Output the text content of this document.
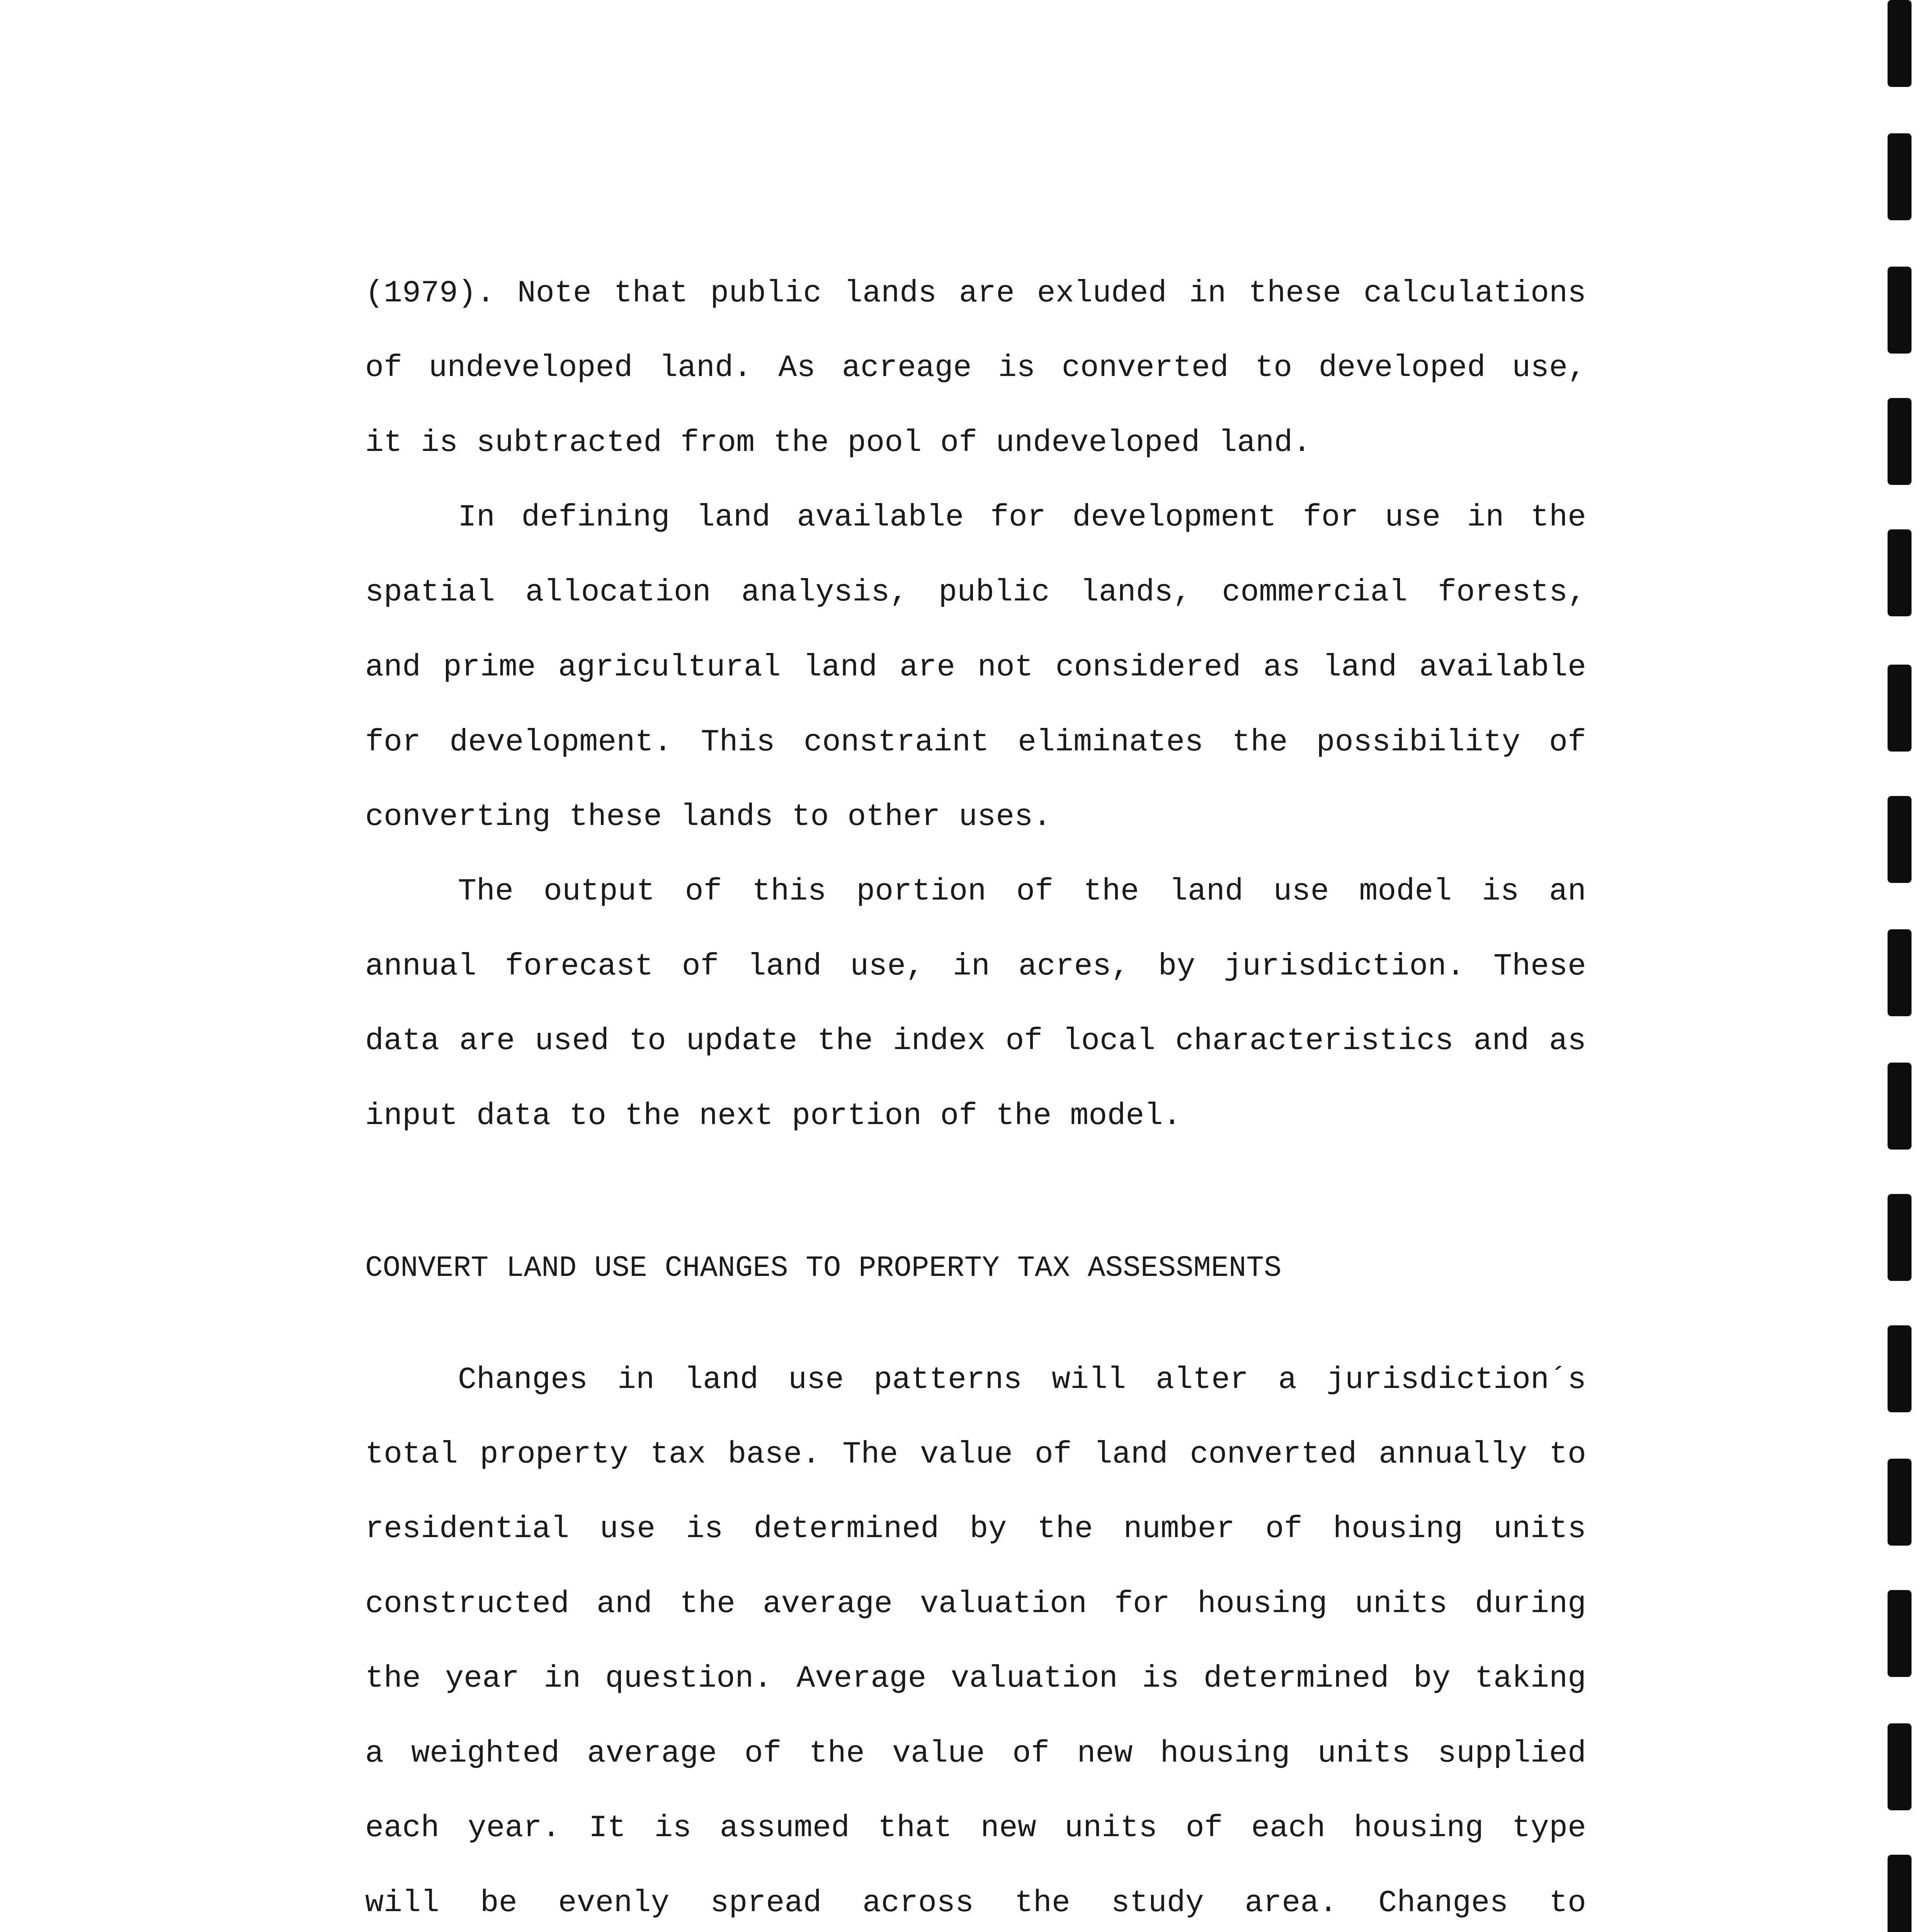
(1979). Note that public lands are exluded in these calculations
of undeveloped land. As acreage is converted to developed use,
it is subtracted from the pool of undeveloped land.
In defining land available for development for use in the
spatial allocation analysis, public lands, commercial forests,
and prime agricultural land are not considered as land available
for development. This constraint eliminates the possibility of
converting these lands to other uses.
The output of this portion of the land use model is an
annual forecast of land use, in acres, by jurisdiction. These
data are used to update the index of local characteristics and as
input data to the next portion of the model.
CONVERT LAND USE CHANGES TO PROPERTY TAX ASSESSMENTS
Changes in land use patterns will alter a jurisdiction´s
total property tax base. The value of land converted annually to
residential use is determined by the number of housing units
constructed and the average valuation for housing units during
the year in question. Average valuation is determined by taking
a weighted average of the value of new housing units supplied
each year. It is assumed that new units of each housing type
will be evenly spread across the study area. Changes to
